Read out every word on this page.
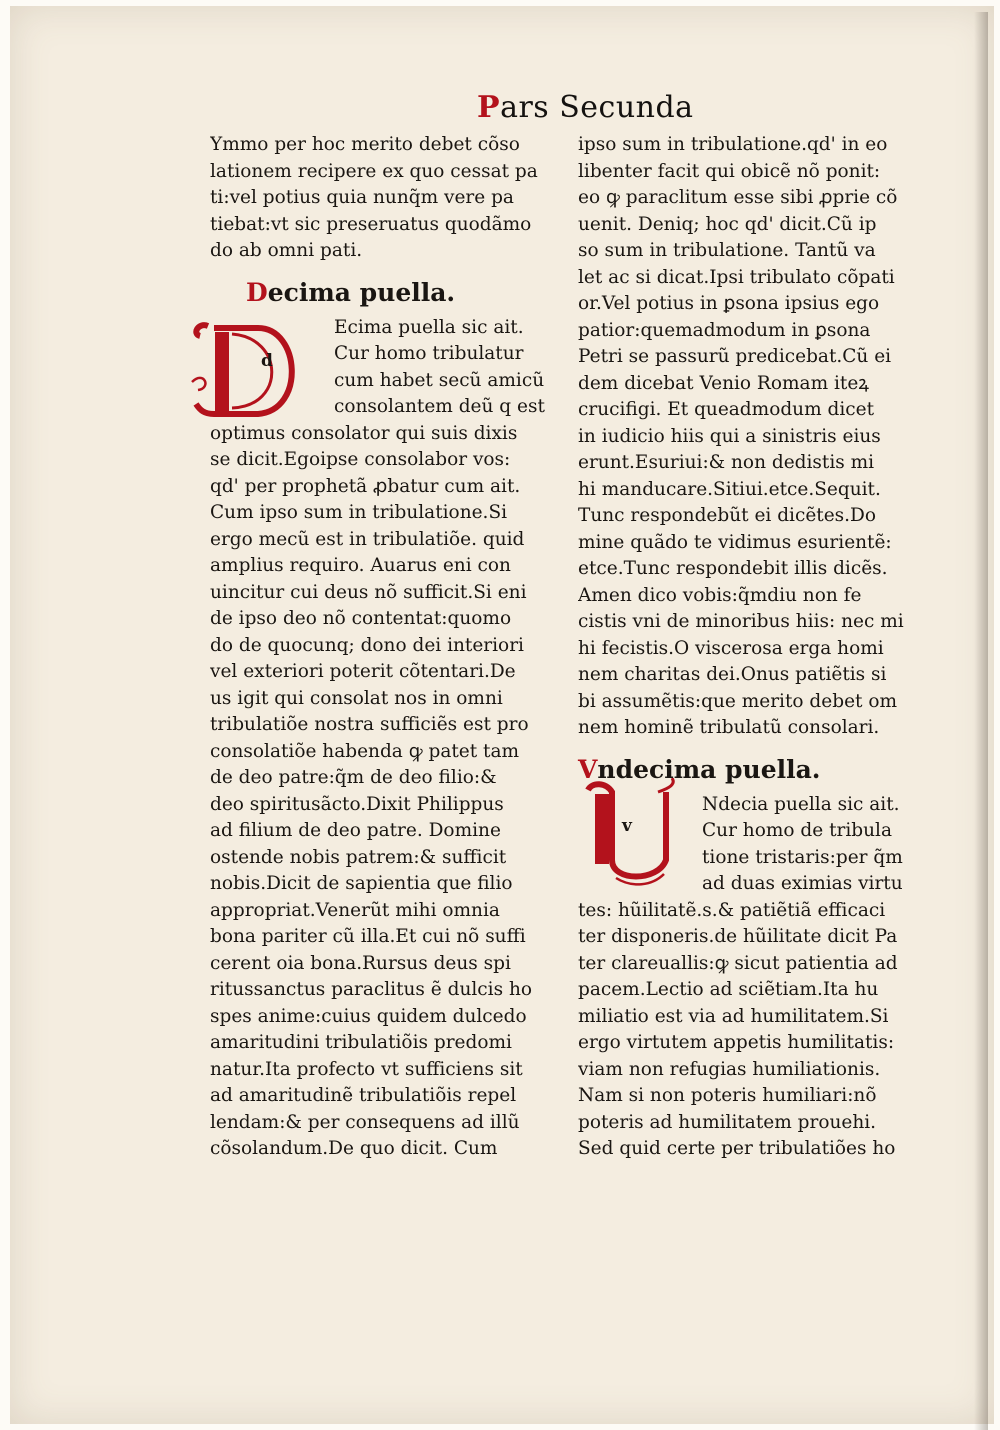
Pars Secunda
Ymmo per hoc merito debet cõso
lationem recipere ex quo cessat pa
ti:vel potius quia nunq̃m vere pa
tiebat:vt sic preseruatus quodãmo
do ab omni pati.
Decima puella.
Ecima puella sic ait.
Cur homo tribulatur
cum habet secũ amicũ
consolantem deũ q est
optimus consolator qui suis dixis
se dicit.Egoipse consolabor vos:
qd' per prophetã ꝓbatur cum ait.
Cum ipso sum in tribulatione.Si
ergo mecũ est in tribulatiõe. quid
amplius requiro. Auarus eni con
uincitur cui deus nõ sufficit.Si eni
de ipso deo nõ contentat:quomo
do de quocunq; dono dei interiori
vel exteriori poterit cõtentari.De
us igit qui consolat nos in omni
tribulatiõe nostra sufficiẽs est pro
consolatiõe habenda ꝙ patet tam
de deo patre:q̃m de deo filio:&
deo spiritusãcto.Dixit Philippus
ad filium de deo patre. Domine
ostende nobis patrem:& sufficit
nobis.Dicit de sapientia que filio
appropriat.Venerũt mihi omnia
bona pariter cũ illa.Et cui nõ suffi
cerent oia bona.Rursus deus spi
ritussanctus paraclitus ẽ dulcis ho
spes anime:cuius quidem dulcedo
amaritudini tribulatiõis predomi
natur.Ita profecto vt sufficiens sit
ad amaritudinẽ tribulatiõis repel
lendam:& per consequens ad illũ
cõsolandum.De quo dicit. Cum
d
ipso sum in tribulatione.qd' in eo
libenter facit qui obicẽ nõ ponit:
eo ꝙ paraclitum esse sibi ꝓprie cõ
uenit. Deniq; hoc qd' dicit.Cũ ip
so sum in tribulatione. Tantũ va
let ac si dicat.Ipsi tribulato cõpati
or.Vel potius in ꝑsona ipsius ego
patior:quemadmodum in ꝑsona
Petri se passurũ predicebat.Cũ ei
dem dicebat Venio Romam iteꝝ
crucifigi. Et queadmodum dicet
in iudicio hiis qui a sinistris eius
erunt.Esuriui:& non dedistis mi
hi manducare.Sitiui.etce.Sequit.
Tunc respondebũt ei dicẽtes.Do
mine quãdo te vidimus esurientẽ:
etce.Tunc respondebit illis dicẽs.
Amen dico vobis:q̃mdiu non fe
cistis vni de minoribus hiis: nec mi
hi fecistis.O viscerosa erga homi
nem charitas dei.Onus patiẽtis si
bi assumẽtis:que merito debet om
nem hominẽ tribulatũ consolari.
Vndecima puella.
Ndecia puella sic ait.
Cur homo de tribula
tione tristaris:per q̃m
ad duas eximias virtu
tes: hũilitatẽ.s.& patiẽtiã efficaci
ter disponeris.de hũilitate dicit Pa
ter clareuallis:ꝙ sicut patientia ad
pacem.Lectio ad sciẽtiam.Ita hu
miliatio est via ad humilitatem.Si
ergo virtutem appetis humilitatis:
viam non refugias humiliationis.
Nam si non poteris humiliari:nõ
poteris ad humilitatem prouehi.
Sed quid certe per tribulatiões ho
v
